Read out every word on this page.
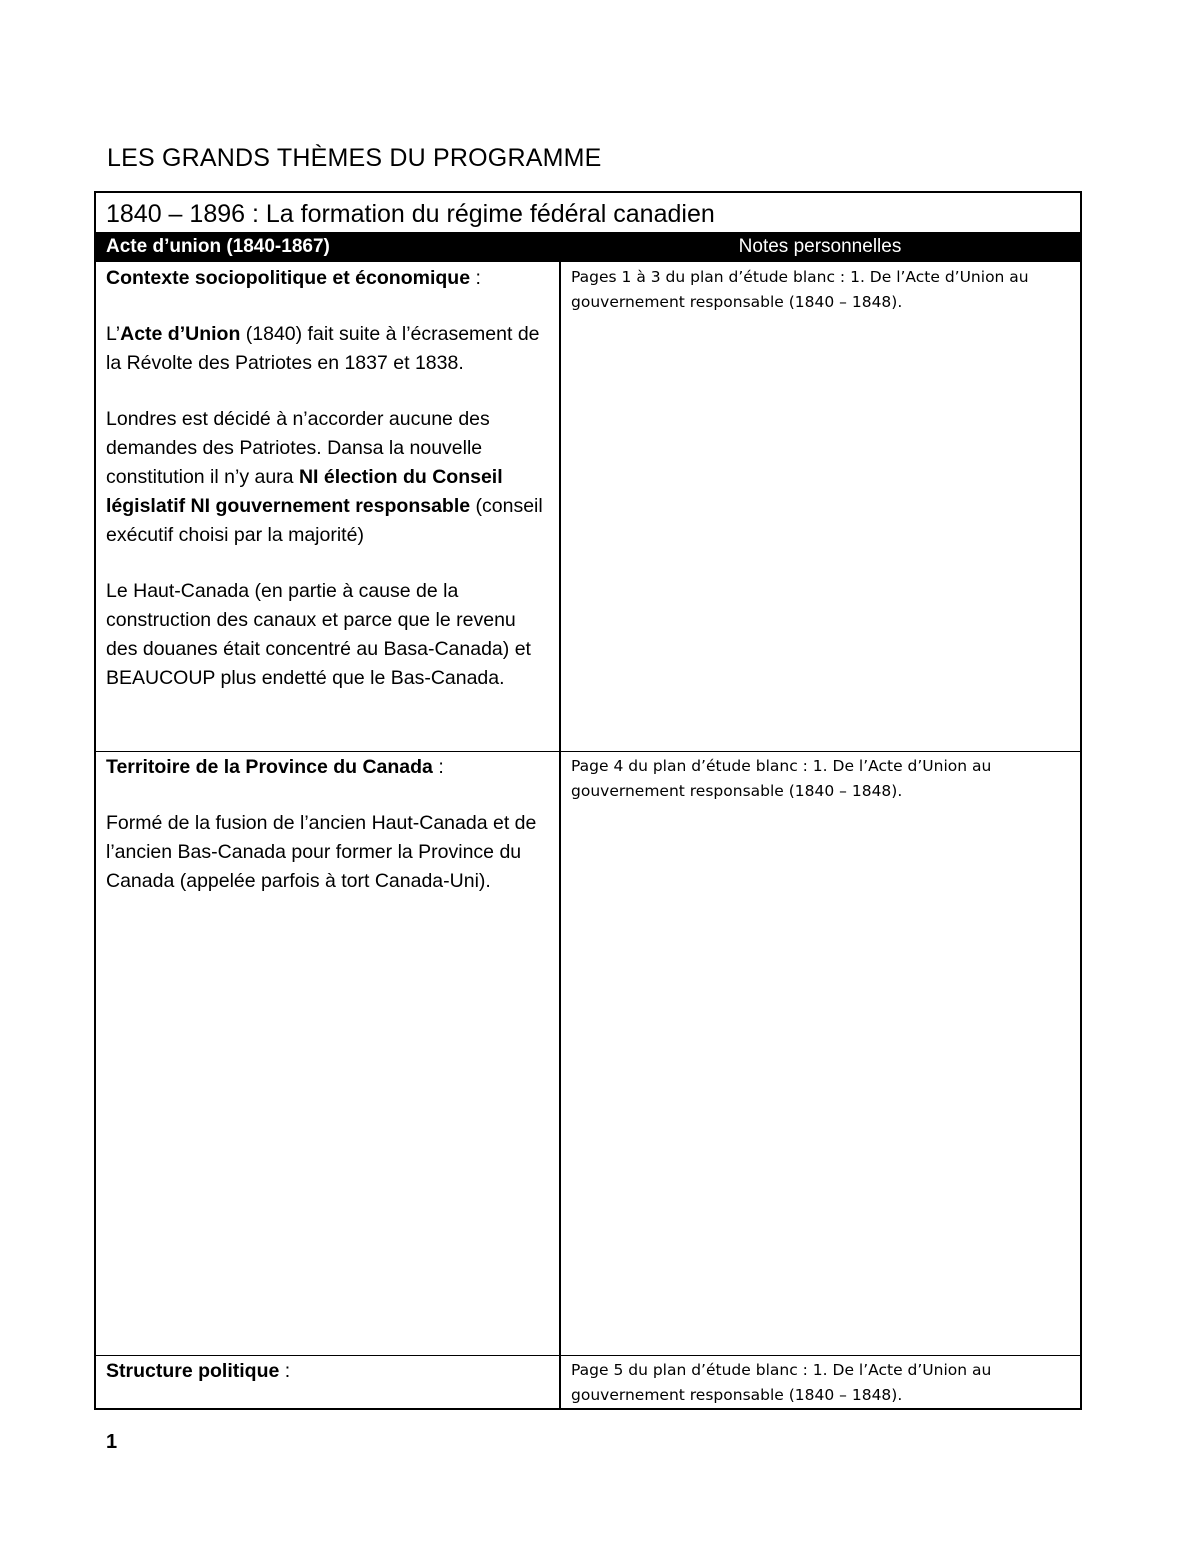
LES GRANDS THÈMES DU PROGRAMME
1840 – 1896 : La formation du régime fédéral canadien
Acte d’union (1840-1867)	Notes personnelles

Contexte sociopolitique et économique :

L’Acte d’Union (1840) fait suite à l’écrasement de la Révolte des Patriotes en 1837 et 1838.

Londres est décidé à n’accorder aucune des demandes des Patriotes. Dansa la nouvelle constitution il n’y aura NI élection du Conseil législatif NI gouvernement responsable (conseil exécutif choisi par la majorité)

Le Haut-Canada (en partie à cause de la construction des canaux et parce que le revenu des douanes était concentré au Basa-Canada) et BEAUCOUP plus endetté que le Bas-Canada.

Pages 1 à 3 du plan d’étude blanc : 1. De l’Acte d’Union au gouvernement responsable (1840 – 1848).

Territoire de la Province du Canada :

Formé de la fusion de l’ancien Haut-Canada et de l’ancien Bas-Canada pour former la Province du Canada (appelée parfois à tort Canada-Uni).

Page 4 du plan d’étude blanc : 1. De l’Acte d’Union au gouvernement responsable (1840 – 1848).

Structure politique :	Page 5 du plan d’étude blanc : 1. De l’Acte d’Union au gouvernement responsable (1840 – 1848).
1
